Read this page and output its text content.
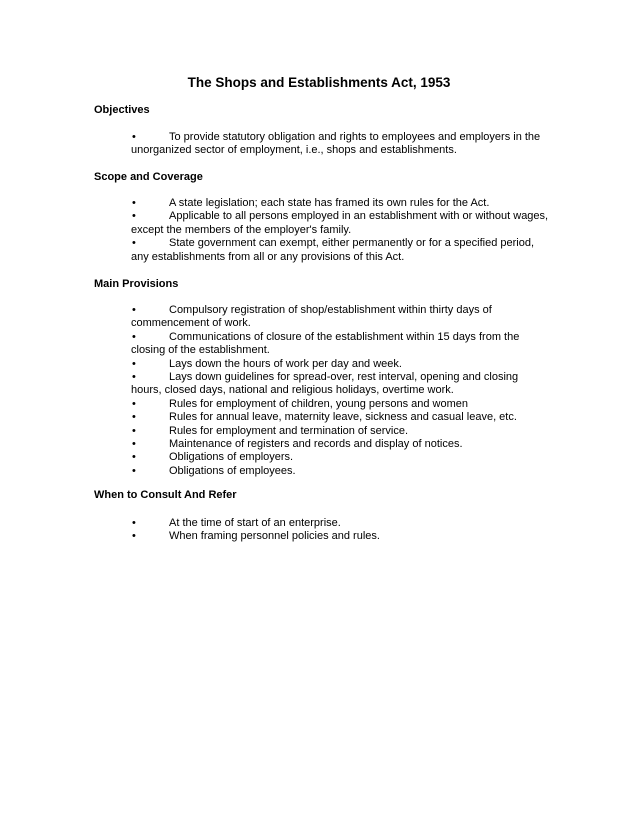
The Shops and Establishments Act, 1953
Objectives
•	To provide statutory obligation and rights to employees and employers in the unorganized sector of employment, i.e., shops and establishments.
Scope and Coverage
•	A state legislation; each state has framed its own rules for the Act.
•	Applicable to all persons employed in an establishment with or without wages, except the members of the employer's family.
•	State government can exempt, either permanently or for a specified period, any establishments from all or any provisions of this Act.
Main Provisions
•	Compulsory registration of shop/establishment within thirty days of commencement of work.
•	Communications of closure of the establishment within 15 days from the closing of the establishment.
•	Lays down the hours of work per day and week.
•	Lays down guidelines for spread-over, rest interval, opening and closing hours, closed days, national and religious holidays, overtime work.
•	Rules for employment of children, young persons and women
•	Rules for annual leave, maternity leave, sickness and casual leave, etc.
•	Rules for employment and termination of service.
•	Maintenance of registers and records and display of notices.
•	Obligations of employers.
•	Obligations of employees.
When to Consult And Refer
•	At the time of start of an enterprise.
•	When framing personnel policies and rules.
